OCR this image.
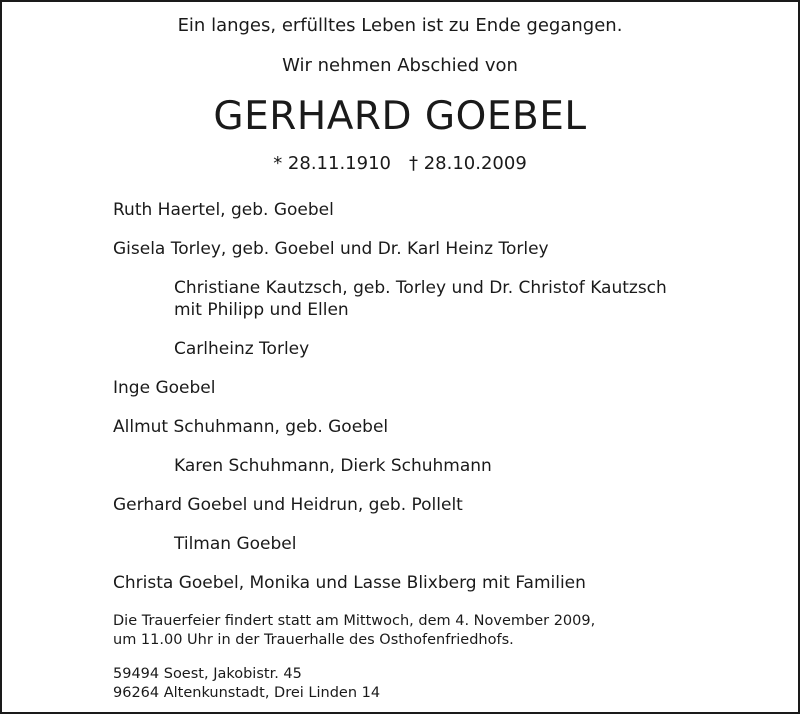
Ein langes, erfülltes Leben ist zu Ende gegangen.
Wir nehmen Abschied von
GERHARD GOEBEL
* 28.11.1910 † 28.10.2009
Ruth Haertel, geb. Goebel
Gisela Torley, geb. Goebel und Dr. Karl Heinz Torley
Christiane Kautzsch, geb. Torley und Dr. Christof Kautzsch
mit Philipp und Ellen
Carlheinz Torley
Inge Goebel
Allmut Schuhmann, geb. Goebel
Karen Schuhmann, Dierk Schuhmann
Gerhard Goebel und Heidrun, geb. Pollelt
Tilman Goebel
Christa Goebel, Monika und Lasse Blixberg mit Familien
Die Trauerfeier findert statt am Mittwoch, dem 4. November 2009,
um 11.00 Uhr in der Trauerhalle des Osthofenfriedhofs.
59494 Soest, Jakobistr. 45
96264 Altenkunstadt, Drei Linden 14
